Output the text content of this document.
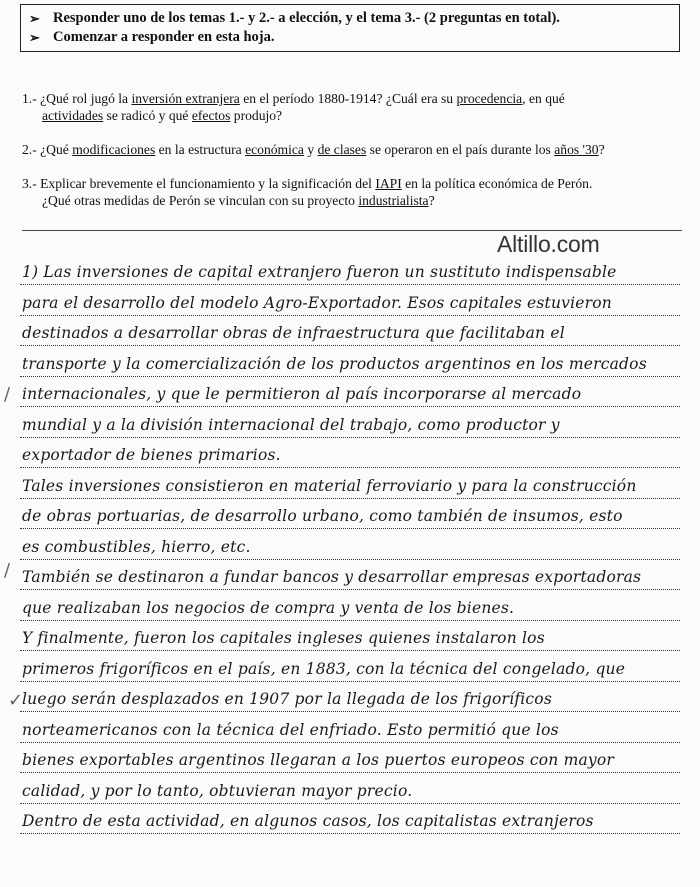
➢ Responder uno de los temas 1.- y 2.- a elección, y el tema 3.- (2 preguntas en total).
➢ Comenzar a responder en esta hoja.
1.- ¿Qué rol jugó la inversión extranjera en el período 1880-1914? ¿Cuál era su procedencia, en qué
actividades se radicó y qué efectos produjo?
2.- ¿Qué modificaciones en la estructura económica y de clases se operaron en el país durante los años '30?
3.- Explicar brevemente el funcionamiento y la significación del IAPI en la política económica de Perón.
¿Qué otras medidas de Perón se vinculan con su proyecto industrialista?
Altillo.com
1) Las inversiones de capital extranjero fueron un sustituto indispensable
para el desarrollo del modelo Agro-Exportador. Esos capitales estuvieron
destinados a desarrollar obras de infraestructura que facilitaban el
transporte y la comercialización de los productos argentinos en los mercados
internacionales, y que le permitieron al país incorporarse al mercado
mundial y a la división internacional del trabajo, como productor y
exportador de bienes primarios.
Tales inversiones consistieron en material ferroviario y para la construcción
de obras portuarias, de desarrollo urbano, como también de insumos, esto
es combustibles, hierro, etc.
También se destinaron a fundar bancos y desarrollar empresas exportadoras
que realizaban los negocios de compra y venta de los bienes.
Y finalmente, fueron los capitales ingleses quienes instalaron los
primeros frigoríficos en el país, en 1883, con la técnica del congelado, que
luego serán desplazados en 1907 por la llegada de los frigoríficos
norteamericanos con la técnica del enfriado. Esto permitió que los
bienes exportables argentinos llegaran a los puertos europeos con mayor
calidad, y por lo tanto, obtuvieran mayor precio.
Dentro de esta actividad, en algunos casos, los capitalistas extranjeros
/
/
✓
